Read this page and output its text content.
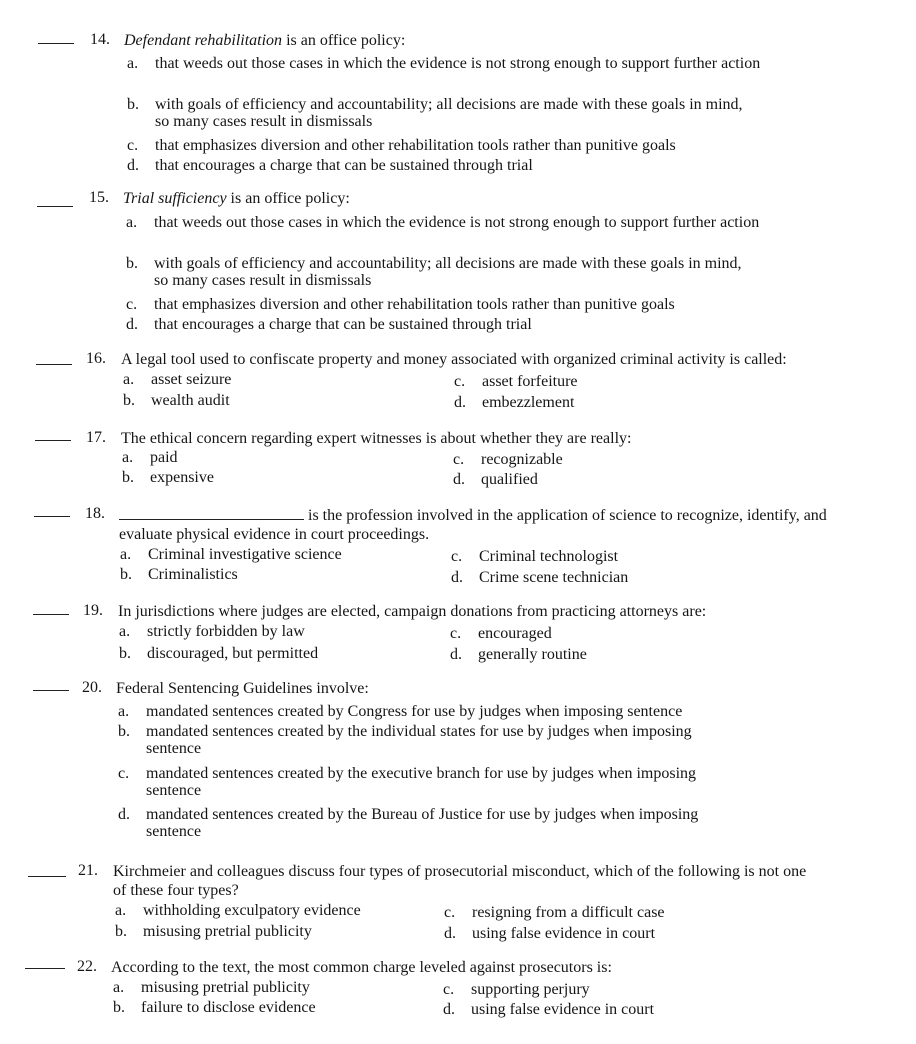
14. Defendant rehabilitation is an office policy:
a. that weeds out those cases in which the evidence is not strong enough to support further action
b. with goals of efficiency and accountability; all decisions are made with these goals in mind, so many cases result in dismissals
c. that emphasizes diversion and other rehabilitation tools rather than punitive goals
d. that encourages a charge that can be sustained through trial
15. Trial sufficiency is an office policy:
a. that weeds out those cases in which the evidence is not strong enough to support further action
b. with goals of efficiency and accountability; all decisions are made with these goals in mind, so many cases result in dismissals
c. that emphasizes diversion and other rehabilitation tools rather than punitive goals
d. that encourages a charge that can be sustained through trial
16. A legal tool used to confiscate property and money associated with organized criminal activity is called:
a. asset seizure
b. wealth audit
c. asset forfeiture
d. embezzlement
17. The ethical concern regarding expert witnesses is about whether they are really:
a. paid
b. expensive
c. recognizable
d. qualified
18.	is the profession involved in the application of science to recognize, identify, and
evaluate physical evidence in court proceedings.
a. Criminal investigative science
b. Criminalistics
c. Criminal technologist
d. Crime scene technician
19. In jurisdictions where judges are elected, campaign donations from practicing attorneys are:
a. strictly forbidden by law
b. discouraged, but permitted
c. encouraged
d. generally routine
20. Federal Sentencing Guidelines involve:
a. mandated sentences created by Congress for use by judges when imposing sentence
b. mandated sentences created by the individual states for use by judges when imposing sentence
c. mandated sentences created by the executive branch for use by judges when imposing sentence
d. mandated sentences created by the Bureau of Justice for use by judges when imposing sentence
21. Kirchmeier and colleagues discuss four types of prosecutorial misconduct, which of the following is not one
of these four types?
a. withholding exculpatory evidence
b. misusing pretrial publicity
c. resigning from a difficult case
d. using false evidence in court
22. According to the text, the most common charge leveled against prosecutors is:
a. misusing pretrial publicity
b. failure to disclose evidence
c. supporting perjury
d. using false evidence in court
